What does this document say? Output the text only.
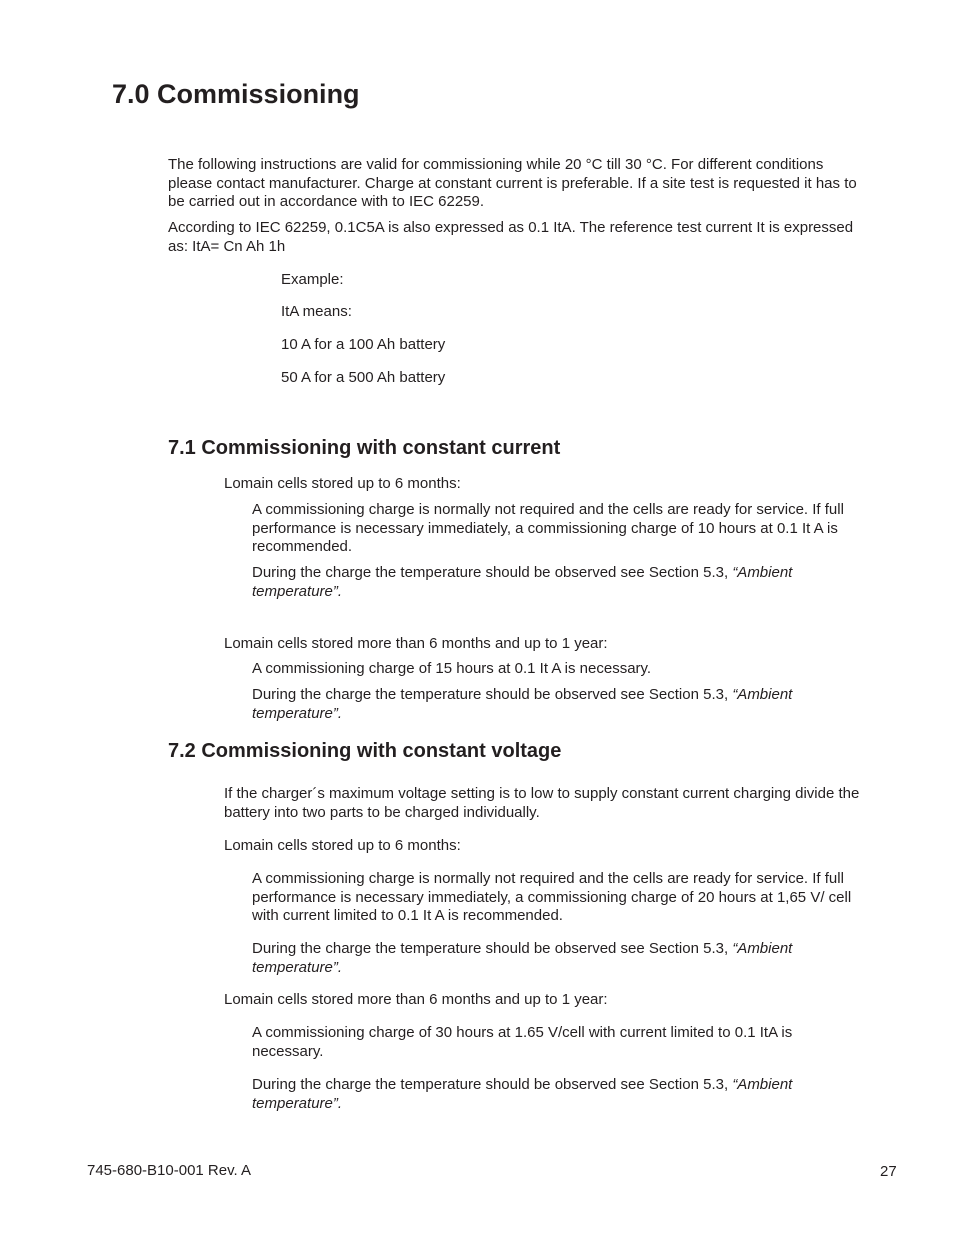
7.0 Commissioning

The following instructions are valid for commissioning while 20 °C till 30 °C. For different conditions please contact manufacturer. Charge at constant current is preferable. If a site test is requested it has to be carried out in accordance with to IEC 62259.

According to IEC 62259, 0.1C5A is also expressed as 0.1 ItA. The reference test current It is expressed as: ItA= Cn Ah 1h

Example:
ItA means:
10 A for a 100 Ah battery
50 A for a 500 Ah battery
7.1 Commissioning with constant current
Lomain cells stored up to 6 months:

A commissioning charge is normally not required and the cells are ready for service. If full performance is necessary immediately, a commissioning charge of 10 hours at 0.1 It A is recommended.

During the charge the temperature should be observed see Section 5.3, “Ambient temperature”.

Lomain cells stored more than 6 months and up to 1 year:

A commissioning charge of 15 hours at 0.1 It A is necessary.

During the charge the temperature should be observed see Section 5.3, “Ambient temperature”.

7.2 Commissioning with constant voltage

If the charger´s maximum voltage setting is to low to supply constant current charging divide the battery into two parts to be charged individually.

Lomain cells stored up to 6 months:

A commissioning charge is normally not required and the cells are ready for service. If full performance is necessary immediately, a commissioning charge of 20 hours at 1,65 V/ cell with current limited to 0.1 It A is recommended.

During the charge the temperature should be observed see Section 5.3, “Ambient temperature”.

Lomain cells stored more than 6 months and up to 1 year:

A commissioning charge of 30 hours at 1.65 V/cell with current limited to 0.1 ItA is necessary.

During the charge the temperature should be observed see Section 5.3, “Ambient temperature”.

745-680-B10-001 Rev. A	27
